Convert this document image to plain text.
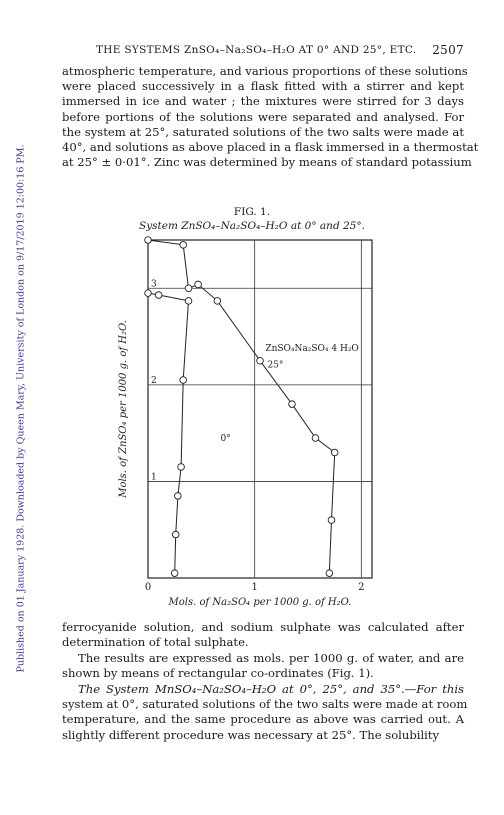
Published on 01 January 1928. Downloaded by Queen Mary, University of London on 9/17/2019 12:00:16 PM.
THE SYSTEMS ZnSO₄–Na₂SO₄–H₂O AT 0° AND 25°, ETC. 2507
atmospheric temperature, and various proportions of these solutions
were placed successively in a flask fitted with a stirrer and kept
immersed in ice and water ; the mixtures were stirred for 3 days
before portions of the solutions were separated and analysed. For
the system at 25°, saturated solutions of the two salts were made at
40°, and solutions as above placed in a flask immersed in a thermostat
at 25° ± 0·01°. Zinc was determined by means of standard potassium
FIG. 1.
System ZnSO₄–Na₂SO₄–H₂O at 0° and 25°.
0	1	2
1
2
3
Mols. of Na₂SO₄ per 1000 g. of H₂O.
Mols. of ZnSO₄ per 1000 g. of H₂O.	ZnSO₄Na₂SO₄ 4 H₂O
25°
0°
ferrocyanide solution, and sodium sulphate was calculated after
determination of total sulphate.
The results are expressed as mols. per 1000 g. of water, and are
shown by means of rectangular co-ordinates (Fig. 1).
The System MnSO₄–Na₂SO₄–H₂O at 0°, 25°, and 35°.—For this
system at 0°, saturated solutions of the two salts were made at room
temperature, and the same procedure as above was carried out. A
slightly different procedure was necessary at 25°. The solubility
